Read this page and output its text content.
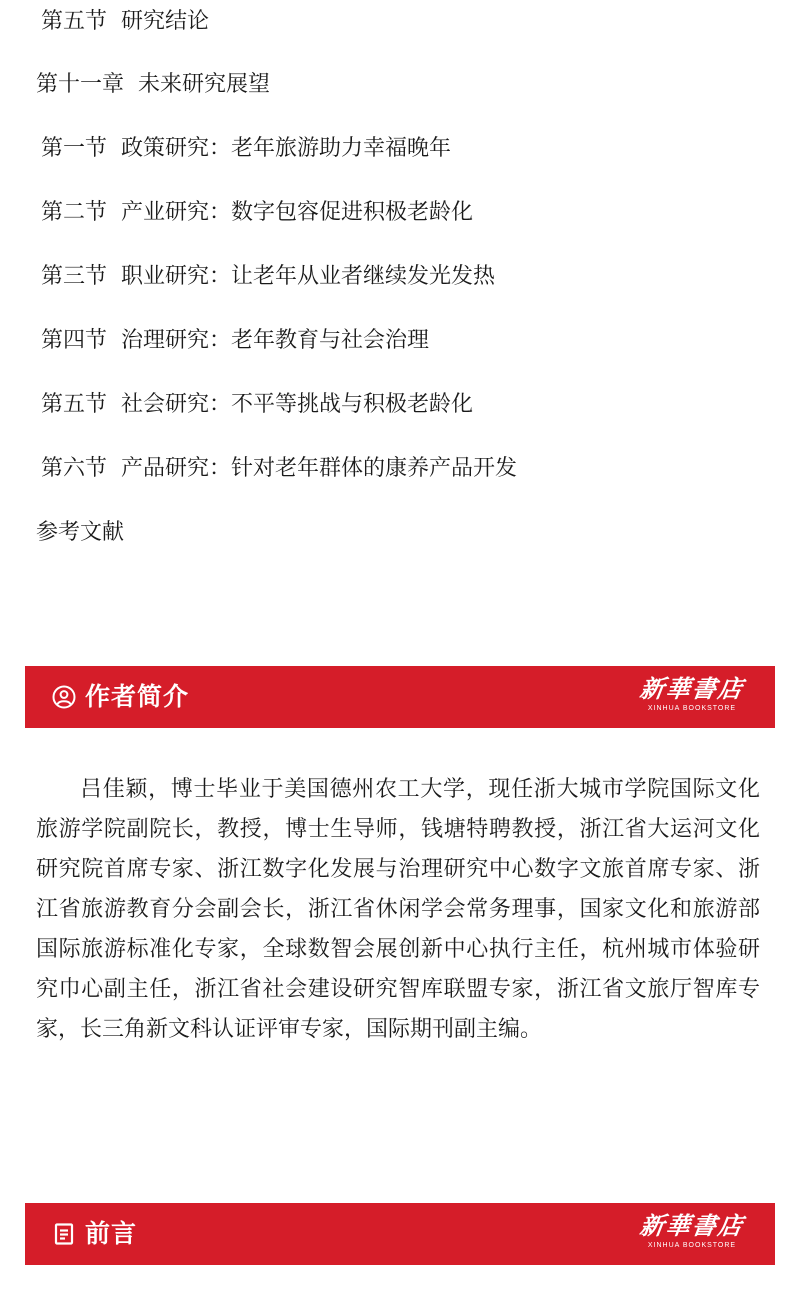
第五节 研究结论

第十一章 未来研究展望

第一节 政策研究：老年旅游助力幸福晚年

第二节 产业研究：数字包容促进积极老龄化

第三节 职业研究：让老年从业者继续发光发热

第四节 治理研究：老年教育与社会治理

第五节 社会研究：不平等挑战与积极老龄化

第六节 产品研究：针对老年群体的康养产品开发

参考文献

作者简介	新華書店
XINHUA BOOKSTORE

吕佳颖，博士毕业于美国德州农工大学，现任浙大城市学院国际文化旅游学院副院长，教授，博士生导师，钱塘特聘教授，浙江省大运河文化研究院首席专家、浙江数字化发展与治理研究中心数字文旅首席专家、浙江省旅游教育分会副会长，浙江省休闲学会常务理事，国家文化和旅游部国际旅游标准化专家，全球数智会展创新中心执行主任，杭州城市体验研究巾心副主任，浙江省社会建设研究智库联盟专家，浙江省文旅厅智库专家，长三角新文科认证评审专家，国际期刊副主编。

前言	新華書店
XINHUA BOOKSTORE
